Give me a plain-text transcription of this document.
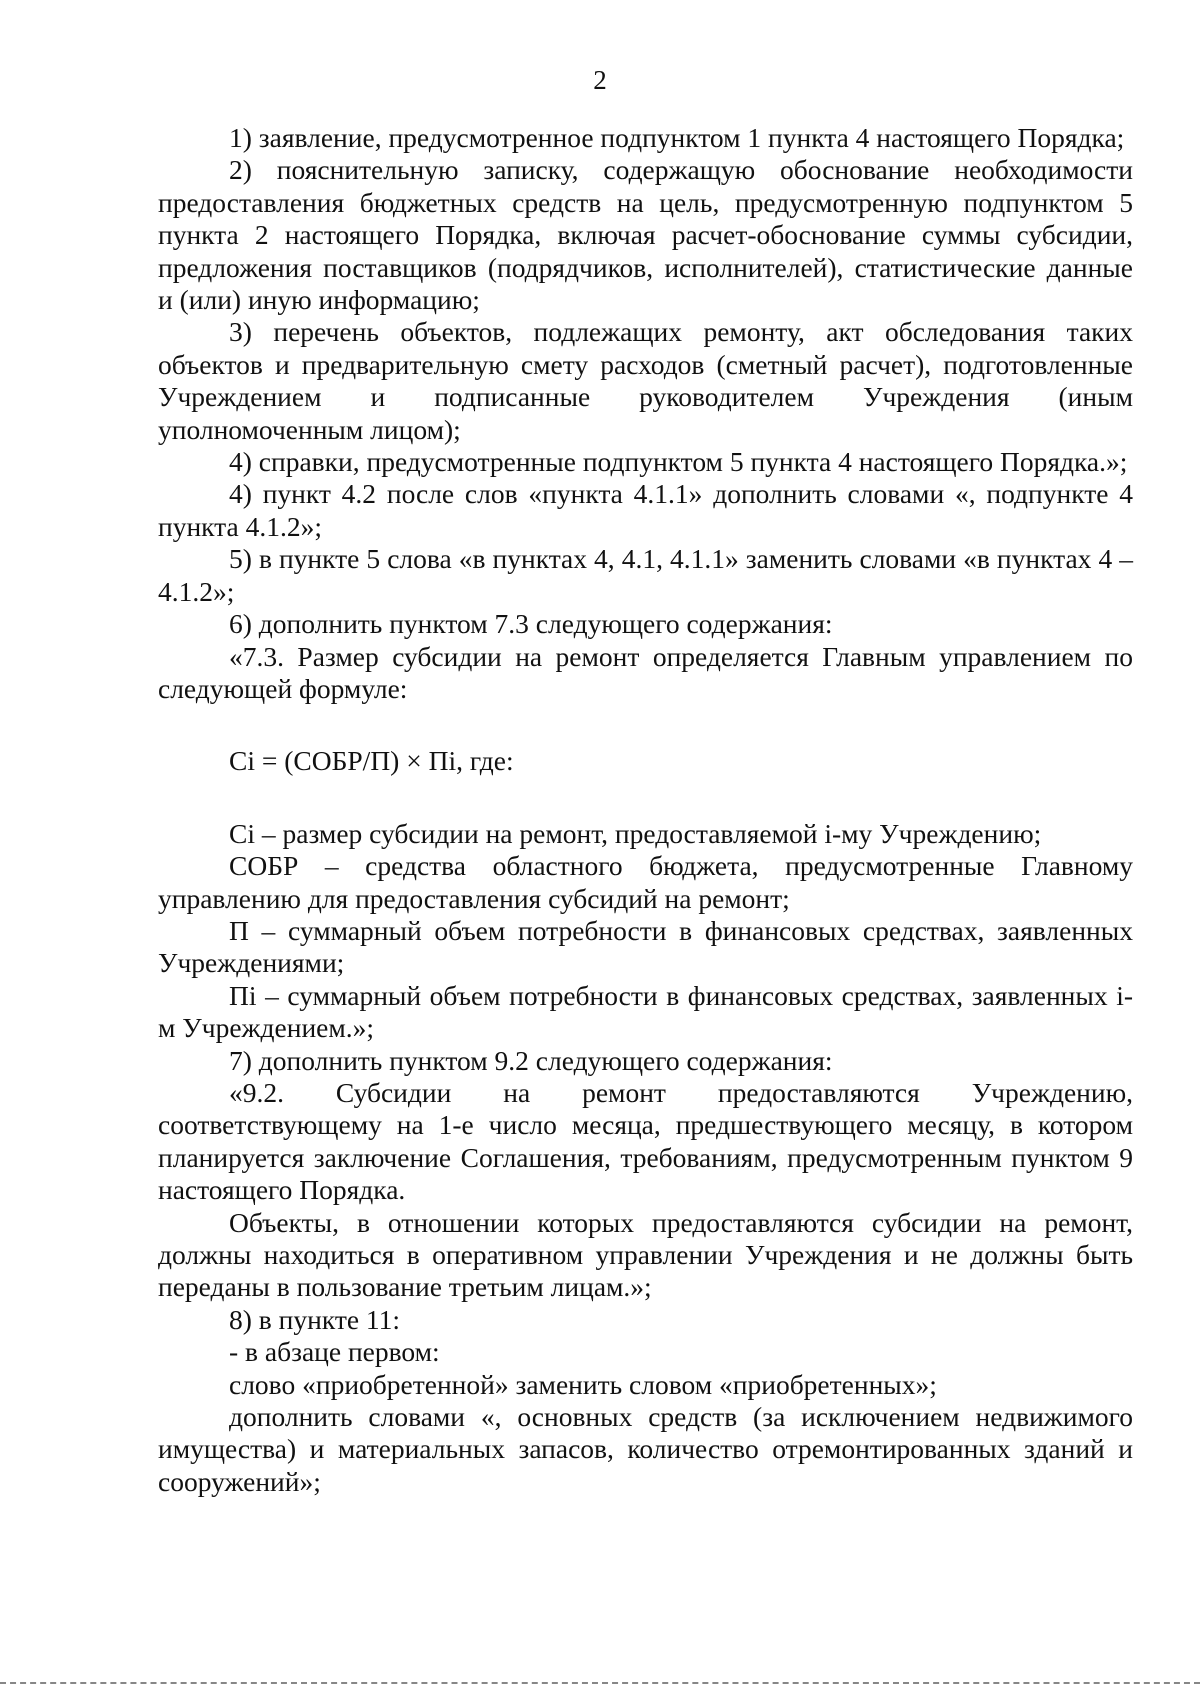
2

1) заявление, предусмотренное подпунктом 1 пункта 4 настоящего Порядка;

2) пояснительную записку, содержащую обоснование необходимости предоставления бюджетных средств на цель, предусмотренную подпунктом 5 пункта 2 настоящего Порядка, включая расчет-обоснование суммы субсидии, предложения поставщиков (подрядчиков, исполнителей), статистические данные и (или) иную информацию;

3) перечень объектов, подлежащих ремонту, акт обследования таких объектов и предварительную смету расходов (сметный расчет), подготовленные Учреждением и подписанные руководителем Учреждения (иным уполномоченным лицом);

4) справки, предусмотренные подпунктом 5 пункта 4 настоящего Порядка.»;

4) пункт 4.2 после слов «пункта 4.1.1» дополнить словами «, подпункте 4 пункта 4.1.2»;

5) в пункте 5 слова «в пунктах 4, 4.1, 4.1.1» заменить словами «в пунктах 4 – 4.1.2»;

6) дополнить пунктом 7.3 следующего содержания:

«7.3. Размер субсидии на ремонт определяется Главным управлением по следующей формуле:

Сi = (СОБР/П) × Пi, где:

Сi – размер субсидии на ремонт, предоставляемой i-му Учреждению;

СОБР – средства областного бюджета, предусмотренные Главному управлению для предоставления субсидий на ремонт;

П – суммарный объем потребности в финансовых средствах, заявленных Учреждениями;

Пi – суммарный объем потребности в финансовых средствах, заявленных i-м Учреждением.»;

7) дополнить пунктом 9.2 следующего содержания:

«9.2. Субсидии на ремонт предоставляются Учреждению, соответствующему на 1-е число месяца, предшествующего месяцу, в котором планируется заключение Соглашения, требованиям, предусмотренным пунктом 9 настоящего Порядка.

Объекты, в отношении которых предоставляются субсидии на ремонт, должны находиться в оперативном управлении Учреждения и не должны быть переданы в пользование третьим лицам.»;

8) в пункте 11:

- в абзаце первом:

слово «приобретенной» заменить словом «приобретенных»;

дополнить словами «, основных средств (за исключением недвижимого имущества) и материальных запасов, количество отремонтированных зданий и сооружений»;
